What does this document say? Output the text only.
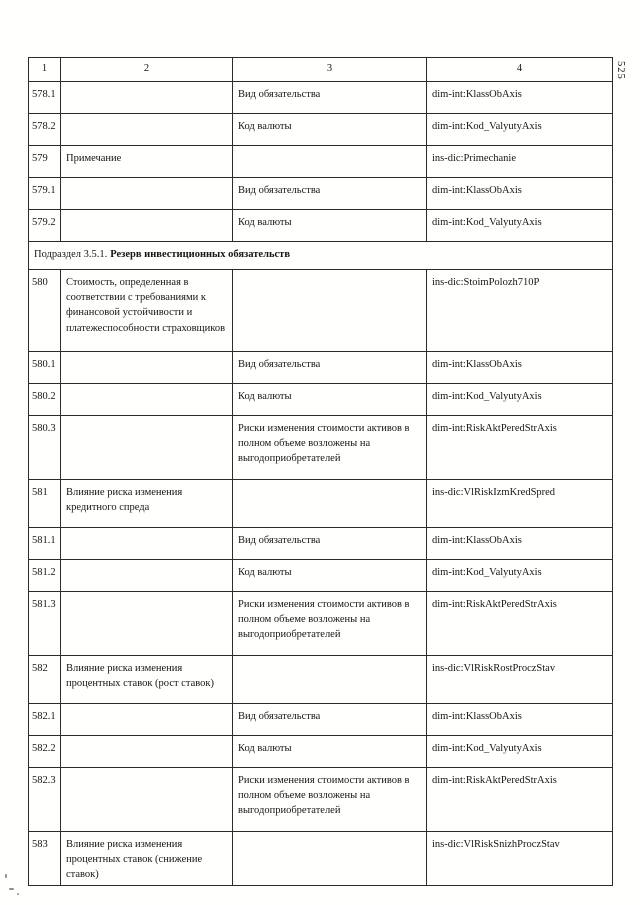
525
1	2	3	4
578.1		Вид обязательства	dim-int:KlassObAxis
578.2		Код валюты	dim-int:Kod_ValyutyAxis
579	Примечание		ins-dic:Primechanie
579.1		Вид обязательства	dim-int:KlassObAxis
579.2		Код валюты	dim-int:Kod_ValyutyAxis
Подраздел 3.5.1. Резерв инвестиционных обязательств			
580	Стоимость, определенная в соответствии с требованиями к финансовой устойчивости и платежеспособности страховщиков		ins-dic:StoimPolozh710P
580.1		Вид обязательства	dim-int:KlassObAxis
580.2		Код валюты	dim-int:Kod_ValyutyAxis
580.3		Риски изменения стоимости активов в полном объеме возложены на выгодоприобретателей	dim-int:RiskAktPeredStrAxis
581	Влияние риска изменения кредитного спреда		ins-dic:VlRiskIzmKredSpred
581.1		Вид обязательства	dim-int:KlassObAxis
581.2		Код валюты	dim-int:Kod_ValyutyAxis
581.3		Риски изменения стоимости активов в полном объеме возложены на выгодоприобретателей	dim-int:RiskAktPeredStrAxis
582	Влияние риска изменения процентных ставок (рост ставок)		ins-dic:VlRiskRostProczStav
582.1		Вид обязательства	dim-int:KlassObAxis
582.2		Код валюты	dim-int:Kod_ValyutyAxis
582.3		Риски изменения стоимости активов в полном объеме возложены на выгодоприобретателей	dim-int:RiskAktPeredStrAxis
583	Влияние риска изменения процентных ставок (снижение ставок)		ins-dic:VlRiskSnizhProczStav
